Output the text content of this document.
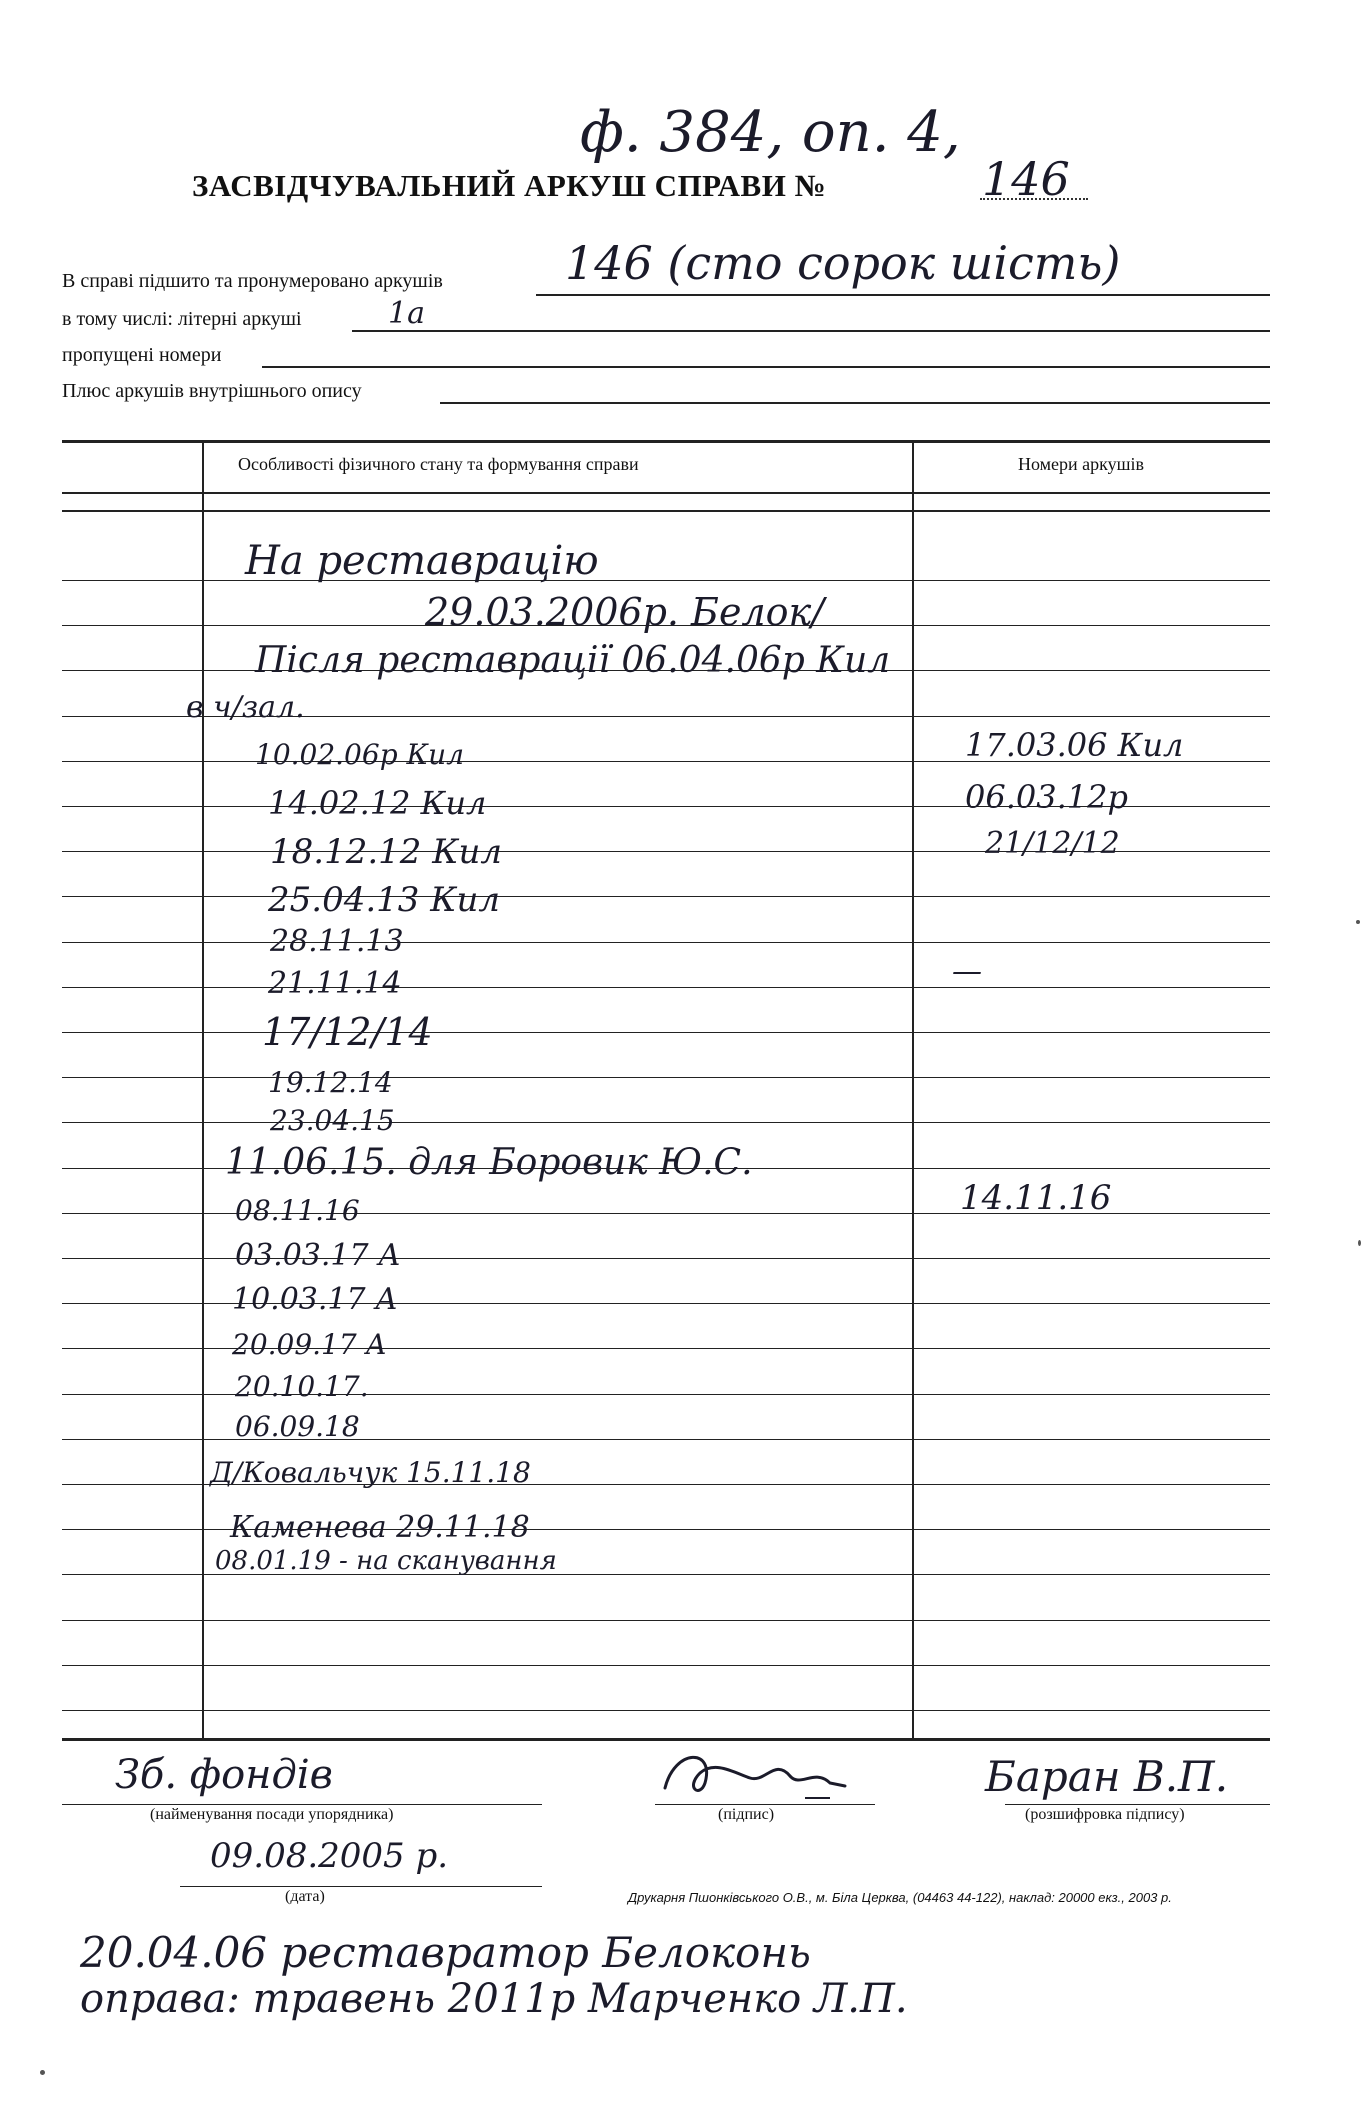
ф. 384, оп. 4,
ЗАСВІДЧУВАЛЬНИЙ АРКУШ СПРАВИ №	146
В справі підшито та пронумеровано аркушів	146 (сто сорок шість)
в тому числі: літерні аркуші	1а
пропущені номери
Плюс аркушів внутрішнього опису
Особливості фізичного стану та формування справи	Номери аркушів
На реставрацію
29.03.2006р. Белок/
Після реставрації 06.04.06р Кил
в ч/зал.
10.02.06р Кил	17.03.06 Кил
14.02.12 Кил	06.03.12р
18.12.12 Кил	21/12/12
25.04.13 Кил
28.11.13
21.11.14	—
17/12/14
19.12.14
23.04.15
11.06.15. для Боровик Ю.С.
08.11.16	14.11.16
03.03.17 А
10.03.17 А
20.09.17 А
20.10.17.
06.09.18
Д/Ковальчук 15.11.18
Каменева 29.11.18
08.01.19 - на сканування
Зб. фондів
(найменування посади упорядника)	(підпис)
Баран В.П.
(розшифровка підпису)
09.08.2005 р.
(дата)	Друкарня Пшонківського О.В., м. Біла Церква, (04463 44-122), наклад: 20000 екз., 2003 р.
20.04.06 реставратор Белоконь
оправа: травень 2011р Марченко Л.П.
